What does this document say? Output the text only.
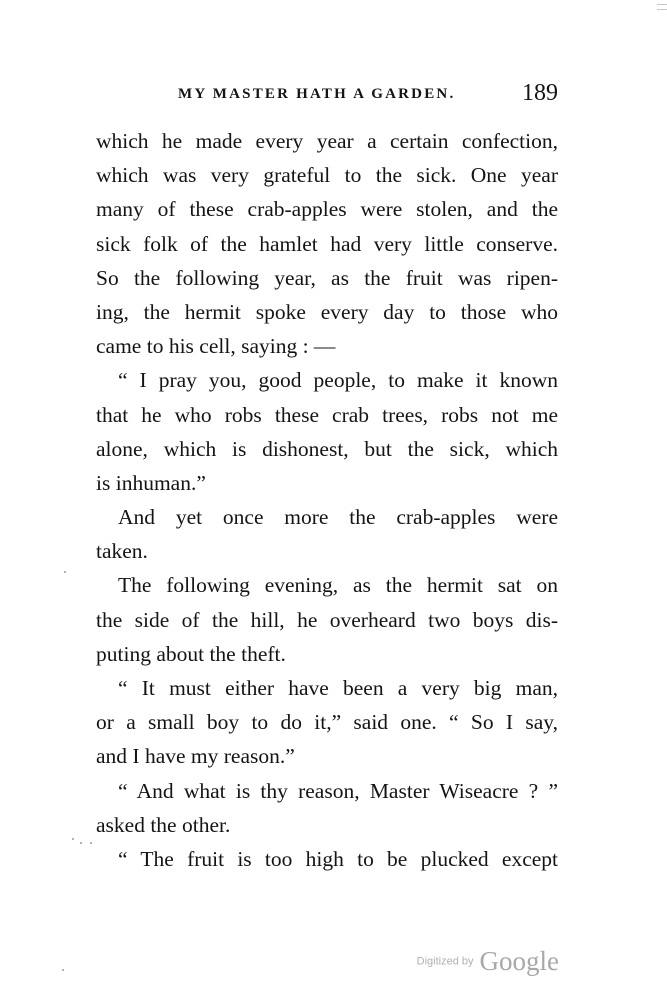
MY MASTER HATH A GARDEN.	189
which he made every year a certain confection,
which was very grateful to the sick. One year
many of these crab-apples were stolen, and the
sick folk of the hamlet had very little conserve.
So the following year, as the fruit was ripen-
ing, the hermit spoke every day to those who
came to his cell, saying : —
“ I pray you, good people, to make it known
that he who robs these crab trees, robs not me
alone, which is dishonest, but the sick, which
is inhuman.”
And yet once more the crab-apples were
taken.
The following evening, as the hermit sat on
the side of the hill, he overheard two boys dis-
puting about the theft.
“ It must either have been a very big man,
or a small boy to do it,” said one. “ So I say,
and I have my reason.”
“ And what is thy reason, Master Wiseacre ? ”
asked the other.
“ The fruit is too high to be plucked except
Digitized by Google
